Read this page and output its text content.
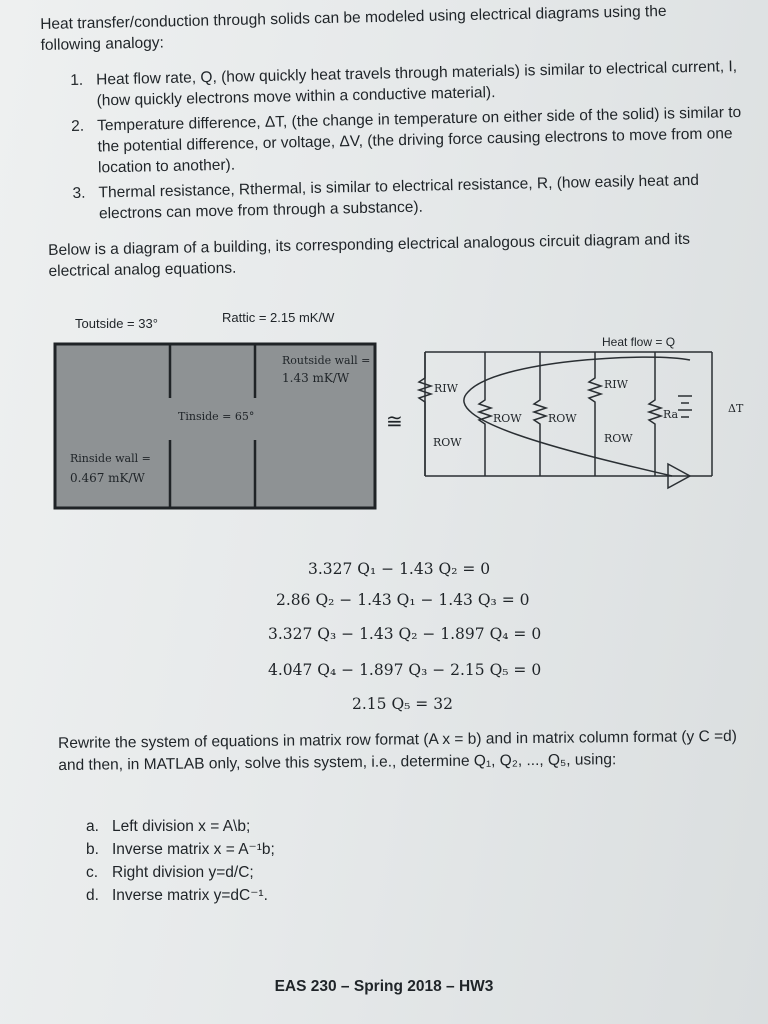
Heat transfer/conduction through solids can be modeled using electrical diagrams using the following analogy:
1. Heat flow rate, Q, (how quickly heat travels through materials) is similar to electrical current, I, (how quickly electrons move within a conductive material).
2. Temperature difference, ΔT, (the change in temperature on either side of the solid) is similar to the potential difference, or voltage, ΔV, (the driving force causing electrons to move from one location to another).
3. Thermal resistance, Rthermal, is similar to electrical resistance, R, (how easily heat and electrons can move from through a substance).
Below is a diagram of a building, its corresponding electrical analogous circuit diagram and its electrical analog equations.
Toutside = 33°	Rattic = 2.15 mK/W
Routside wall =
1.43 mK/W
Tinside = 65°
Rinside wall =
0.467 mK/W
≅
Heat flow = Q
RIW	RIW
ROW
ROW ROW
ROW
Ra	ΔT
3.327 Q₁ − 1.43 Q₂ = 0
2.86 Q₂ − 1.43 Q₁ − 1.43 Q₃ = 0
3.327 Q₃ − 1.43 Q₂ − 1.897 Q₄ = 0
4.047 Q₄ − 1.897 Q₃ − 2.15 Q₅ = 0
2.15 Q₅ = 32
Rewrite the system of equations in matrix row format (A x = b) and in matrix column format (y C =d) and then, in MATLAB only, solve this system, i.e., determine Q₁, Q₂, ..., Q₅, using:
a. Left division x = A\b;
b. Inverse matrix x = A⁻¹b;
c. Right division y=d/C;
d. Inverse matrix y=dC⁻¹.
EAS 230 – Spring 2018 – HW3
